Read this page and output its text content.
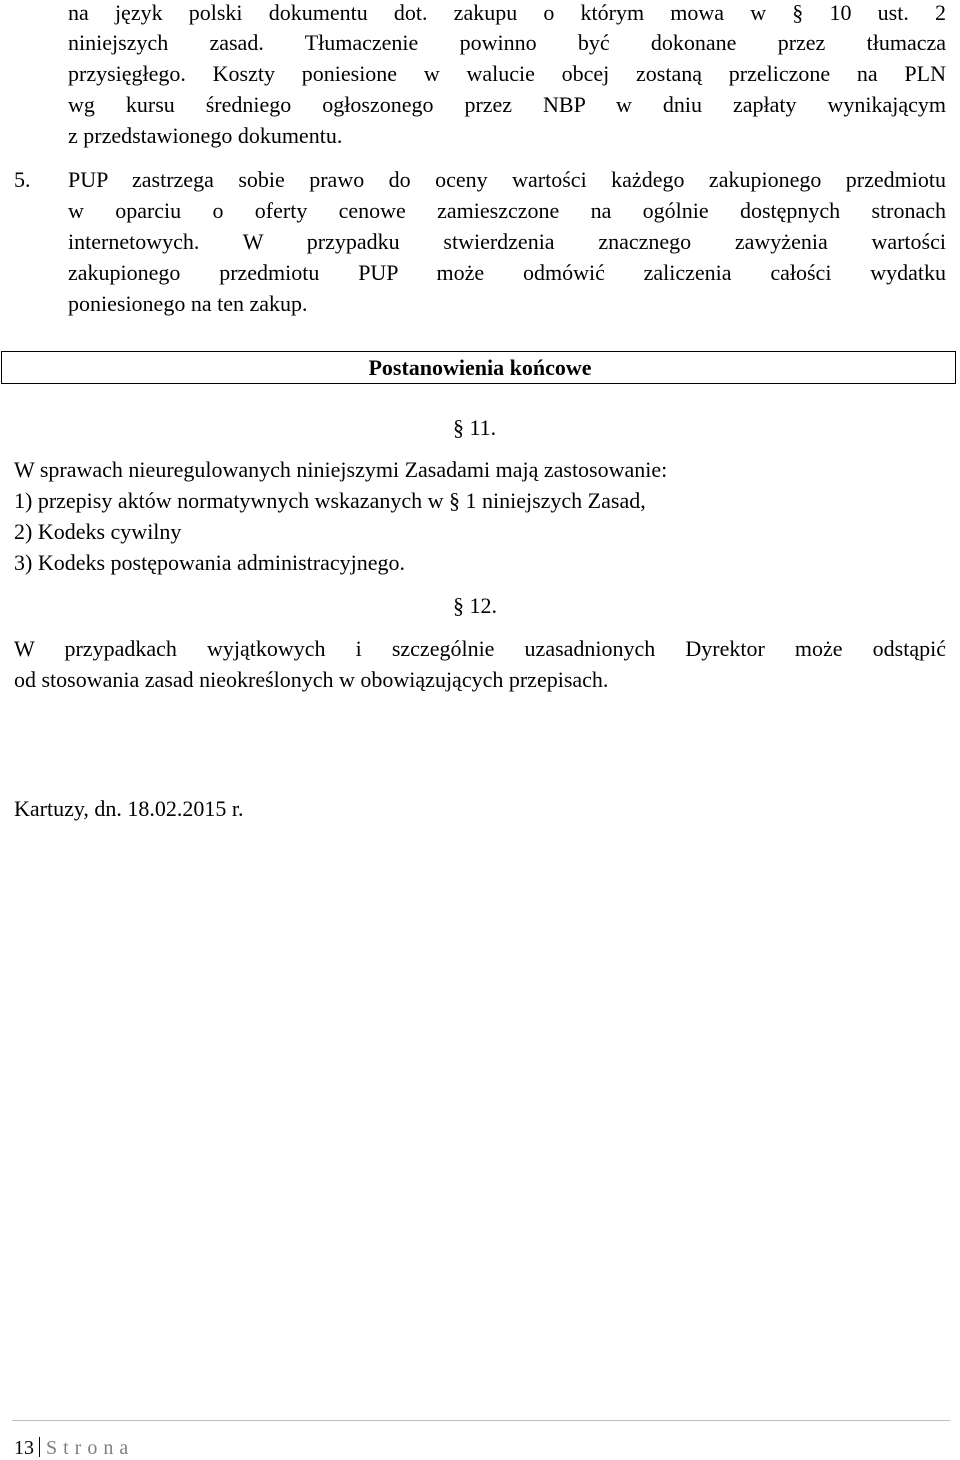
na język polski dokumentu dot. zakupu o którym mowa w § 10 ust. 2
niniejszych zasad. Tłumaczenie powinno być dokonane przez tłumacza
przysięgłego. Koszty poniesione w walucie obcej zostaną przeliczone na PLN
wg kursu średniego ogłoszonego przez NBP w dniu zapłaty wynikającym
z przedstawionego dokumentu.
5. PUP zastrzega sobie prawo do oceny wartości każdego zakupionego przedmiotu
w oparciu o oferty cenowe zamieszczone na ogólnie dostępnych stronach
internetowych. W przypadku stwierdzenia znacznego zawyżenia wartości
zakupionego przedmiotu PUP może odmówić zaliczenia całości wydatku
poniesionego na ten zakup.
Postanowienia końcowe
§ 11.
W sprawach nieuregulowanych niniejszymi Zasadami mają zastosowanie:
1) przepisy aktów normatywnych wskazanych w § 1 niniejszych Zasad,
2) Kodeks cywilny
3) Kodeks postępowania administracyjnego.
§ 12.
W przypadkach wyjątkowych i szczególnie uzasadnionych Dyrektor może odstąpić
od stosowania zasad nieokreślonych w obowiązujących przepisach.
Kartuzy, dn. 18.02.2015 r.
13 Strona
